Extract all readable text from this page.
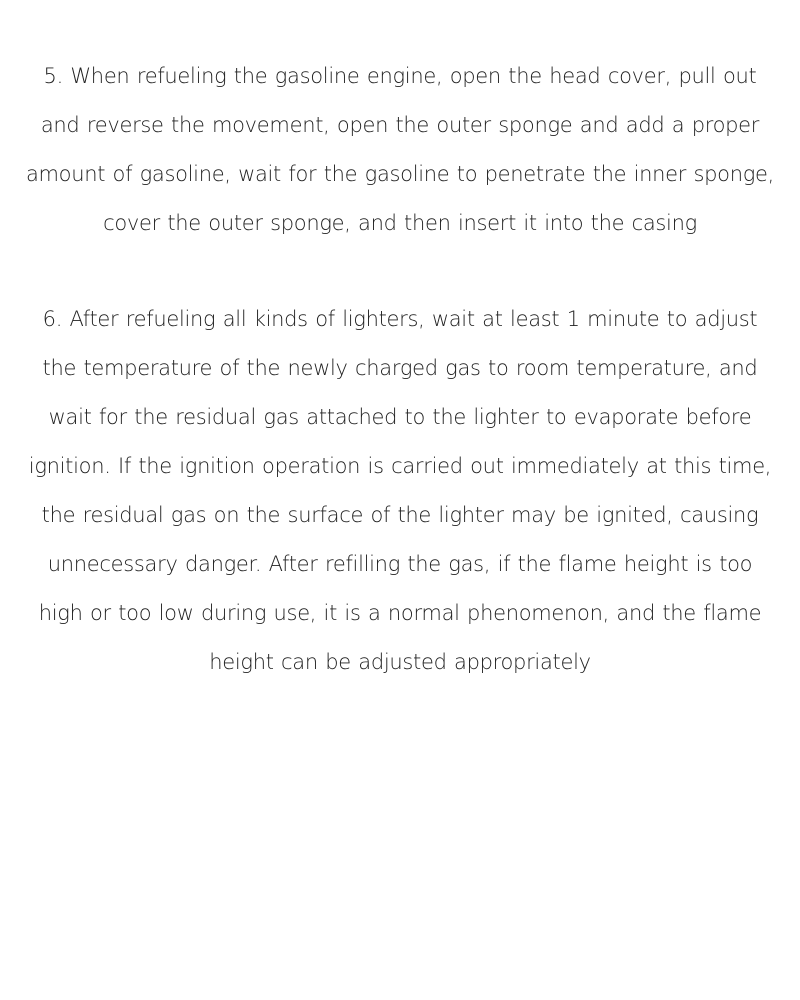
5. When refueling the gasoline engine, open the head cover, pull out and reverse the movement, open the outer sponge and add a proper amount of gasoline, wait for the gasoline to penetrate the inner sponge, cover the outer sponge, and then insert it into the casing

6. After refueling all kinds of lighters, wait at least 1 minute to adjust the temperature of the newly charged gas to room temperature, and wait for the residual gas attached to the lighter to evaporate before ignition. If the ignition operation is carried out immediately at this time, the residual gas on the surface of the lighter may be ignited, causing unnecessary danger. After refilling the gas, if the flame height is too high or too low during use, it is a normal phenomenon, and the flame height can be adjusted appropriately
